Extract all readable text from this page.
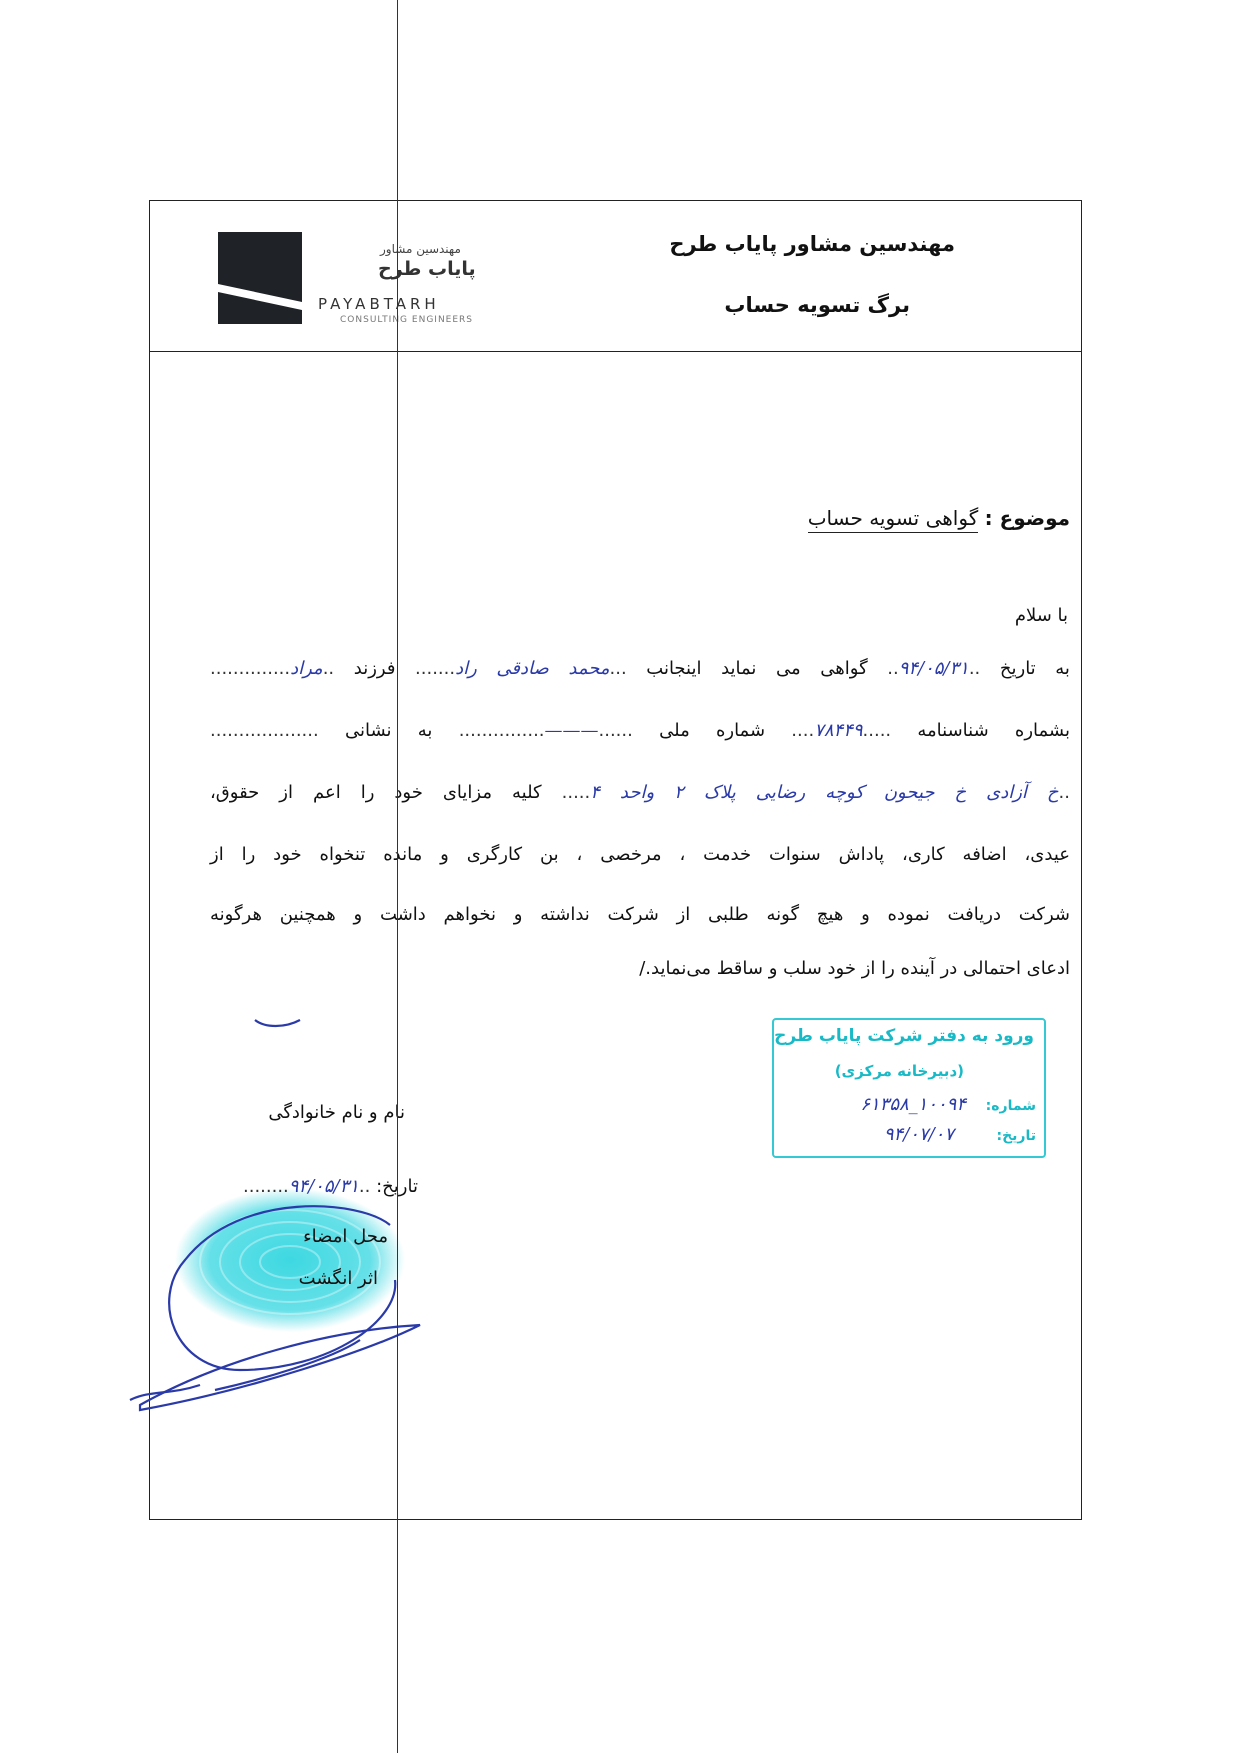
مهندسین مشاور پایاب طرح
برگ تسویه حساب
مهندسین مشاور
پایاب طرح
PAYABTARH
CONSULTING ENGINEERS
موضوع : گواهی تسویه حساب
با سلام
به تاریخ ..۹۴/۰۵/۳۱.. گواهی می نماید اینجانب ...محمد صادقی راد....... فرزند ..مراد..............
بشماره شناسنامه .....۷۸۴۴۹.... شماره ملی ......———............... به نشانی ...................
..خ آزادی خ جیحون کوچه رضایی پلاک ۲ واحد ۴..... کلیه مزایای خود را اعم از حقوق،
عیدی، اضافه کاری، پاداش سنوات خدمت ، مرخصی ، بن کارگری و مانده تنخواه خود را از
شرکت دریافت نموده و هیچ گونه طلبی از شرکت نداشته و نخواهم داشت و همچنین هرگونه
ادعای احتمالی در آینده را از خود سلب و ساقط می‌نماید./
ورود به دفتر شرکت پایاب طرح
(دبیرخانه مرکزی)
شماره:
۱۰۰۹۴_۶۱۳۵۸
تاریخ:
۹۴/۰۷/۰۷
نام و نام خانوادگی
تاریخ: ..۹۴/۰۵/۳۱........
محل امضاء
اثر انگشت
